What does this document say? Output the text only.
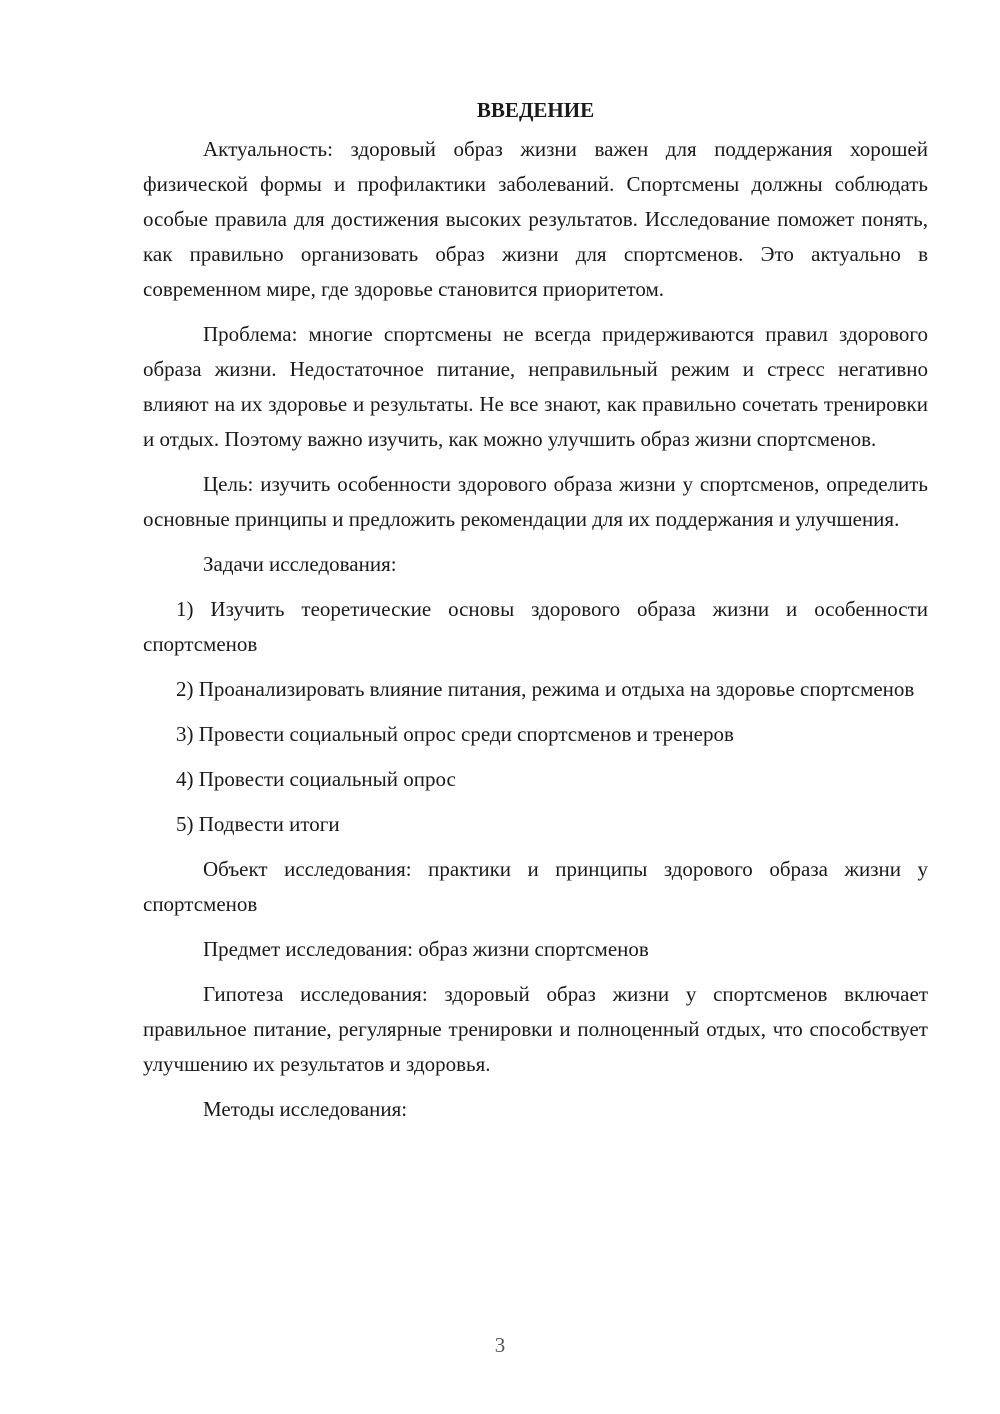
ВВЕДЕНИЕ

Актуальность: здоровый образ жизни важен для поддержания хорошей физической формы и профилактики заболеваний. Спортсмены должны соблюдать особые правила для достижения высоких результатов. Исследование поможет понять, как правильно организовать образ жизни для спортсменов. Это актуально в современном мире, где здоровье становится приоритетом.

Проблема: многие спортсмены не всегда придерживаются правил здорового образа жизни. Недостаточное питание, неправильный режим и стресс негативно влияют на их здоровье и результаты. Не все знают, как правильно сочетать тренировки и отдых. Поэтому важно изучить, как можно улучшить образ жизни спортсменов.

Цель: изучить особенности здорового образа жизни у спортсменов, определить основные принципы и предложить рекомендации для их поддержания и улучшения.

Задачи исследования:

1) Изучить теоретические основы здорового образа жизни и особенности спортсменов
2) Проанализировать влияние питания, режима и отдыха на здоровье спортсменов
3) Провести социальный опрос среди спортсменов и тренеров
4) Провести социальный опрос
5) Подвести итоги

Объект исследования: практики и принципы здорового образа жизни у спортсменов

Предмет исследования: образ жизни спортсменов

Гипотеза исследования: здоровый образ жизни у спортсменов включает правильное питание, регулярные тренировки и полноценный отдых, что способствует улучшению их результатов и здоровья.

Методы исследования:

3
